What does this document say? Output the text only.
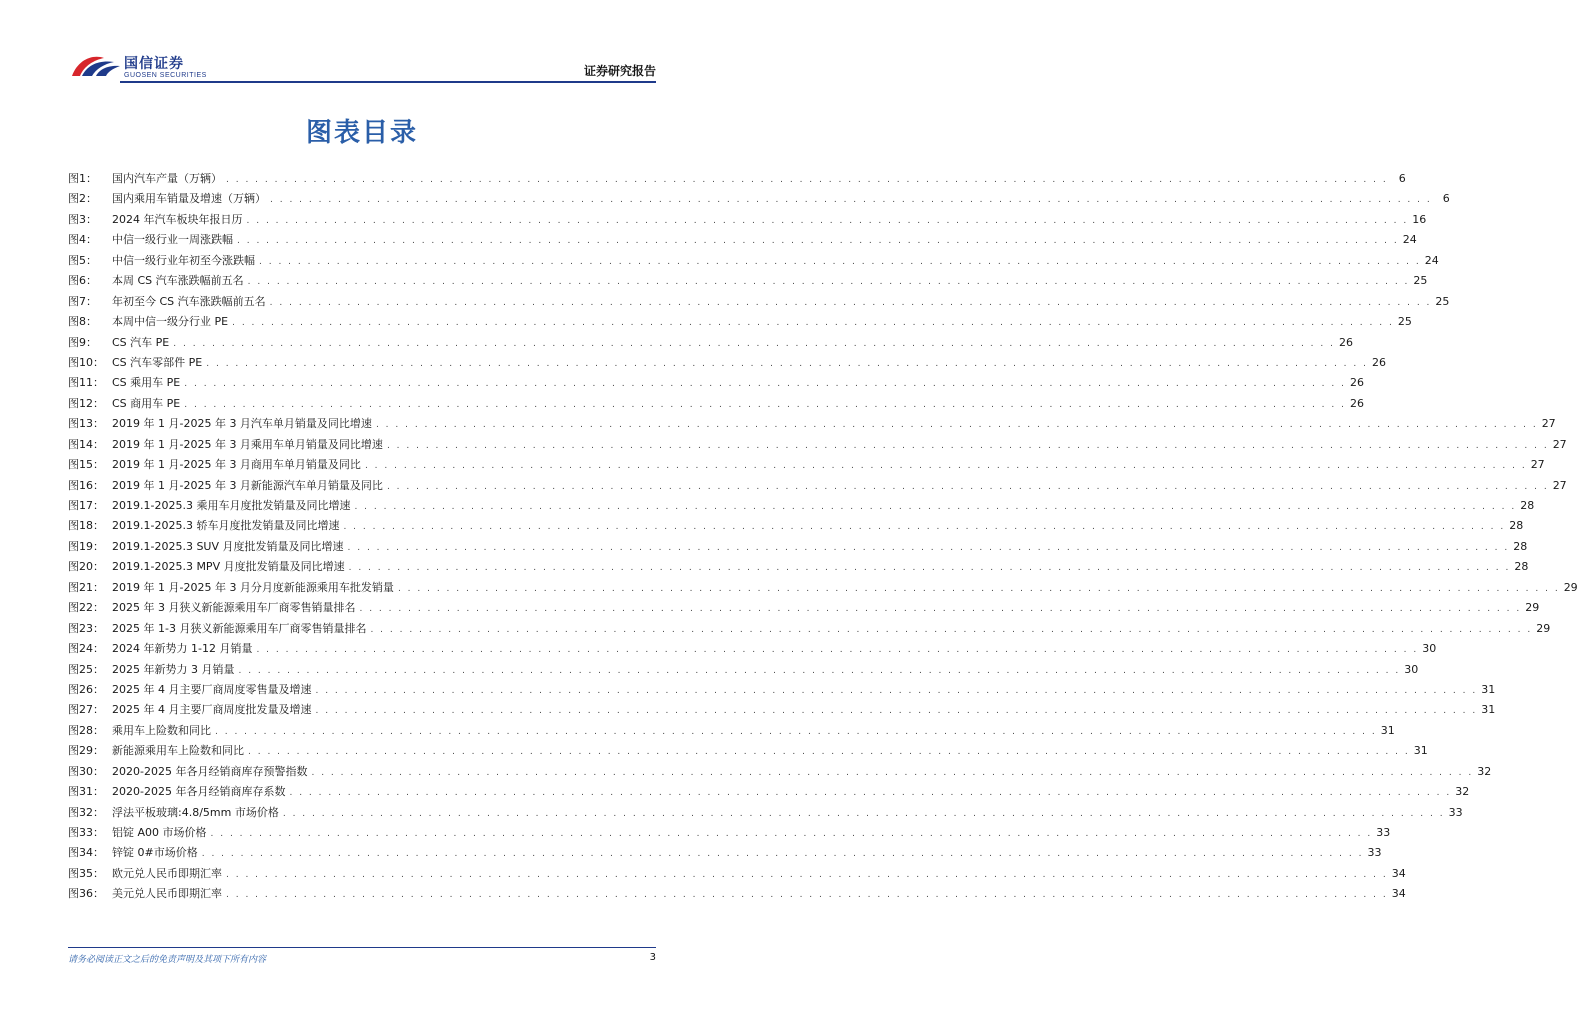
国信证券
GUOSEN SECURITIES	证券研究报告
图表目录
图1：	国内汽车产量（万辆） . . . . . . . . . . . . . . . . . . . . . . . . . . . . . . . . . . . . . . . . . . . . . . . . . . . . . . . . . . . . . . . . . . . . . . . . . . . . . . . . . . . . . . . . . . . . . . . . . . . . . . . . . . . . . . . . . . . . . . . .	6
图2：	国内乘用车销量及增速（万辆） . . . . . . . . . . . . . . . . . . . . . . . . . . . . . . . . . . . . . . . . . . . . . . . . . . . . . . . . . . . . . . . . . . . . . . . . . . . . . . . . . . . . . . . . . . . . . . . . . . . . . . . . . . . . . . . . . . . . . . . .	6
图3：	2024 年汽车板块年报日历 . . . . . . . . . . . . . . . . . . . . . . . . . . . . . . . . . . . . . . . . . . . . . . . . . . . . . . . . . . . . . . . . . . . . . . . . . . . . . . . . . . . . . . . . . . . . . . . . . . . . . . . . . . . . . . . . . . . . . . . . 16
图4：	中信一级行业一周涨跌幅 . . . . . . . . . . . . . . . . . . . . . . . . . . . . . . . . . . . . . . . . . . . . . . . . . . . . . . . . . . . . . . . . . . . . . . . . . . . . . . . . . . . . . . . . . . . . . . . . . . . . . . . . . . . . . . . . . . . . . . . . 24
图5：	中信一级行业年初至今涨跌幅 . . . . . . . . . . . . . . . . . . . . . . . . . . . . . . . . . . . . . . . . . . . . . . . . . . . . . . . . . . . . . . . . . . . . . . . . . . . . . . . . . . . . . . . . . . . . . . . . . . . . . . . . . . . . . . . . . . . . . . . . 24
图6：	本周 CS 汽车涨跌幅前五名 . . . . . . . . . . . . . . . . . . . . . . . . . . . . . . . . . . . . . . . . . . . . . . . . . . . . . . . . . . . . . . . . . . . . . . . . . . . . . . . . . . . . . . . . . . . . . . . . . . . . . . . . . . . . . . . . . . . . . . . . 25
图7：	年初至今 CS 汽车涨跌幅前五名 . . . . . . . . . . . . . . . . . . . . . . . . . . . . . . . . . . . . . . . . . . . . . . . . . . . . . . . . . . . . . . . . . . . . . . . . . . . . . . . . . . . . . . . . . . . . . . . . . . . . . . . . . . . . . . . . . . . . . . . . 25
图8：	本周中信一级分行业 PE . . . . . . . . . . . . . . . . . . . . . . . . . . . . . . . . . . . . . . . . . . . . . . . . . . . . . . . . . . . . . . . . . . . . . . . . . . . . . . . . . . . . . . . . . . . . . . . . . . . . . . . . . . . . . . . . . . . . . . . . 25
图9：	CS 汽车 PE . . . . . . . . . . . . . . . . . . . . . . . . . . . . . . . . . . . . . . . . . . . . . . . . . . . . . . . . . . . . . . . . . . . . . . . . . . . . . . . . . . . . . . . . . . . . . . . . . . . . . . . . . . . . . . . . . . . . . . . . 26
图10： CS 汽车零部件 PE . . . . . . . . . . . . . . . . . . . . . . . . . . . . . . . . . . . . . . . . . . . . . . . . . . . . . . . . . . . . . . . . . . . . . . . . . . . . . . . . . . . . . . . . . . . . . . . . . . . . . . . . . . . . . . . . . . . . . . . . 26
图11： CS 乘用车 PE . . . . . . . . . . . . . . . . . . . . . . . . . . . . . . . . . . . . . . . . . . . . . . . . . . . . . . . . . . . . . . . . . . . . . . . . . . . . . . . . . . . . . . . . . . . . . . . . . . . . . . . . . . . . . . . . . . . . . . . . 26
图12： CS 商用车 PE . . . . . . . . . . . . . . . . . . . . . . . . . . . . . . . . . . . . . . . . . . . . . . . . . . . . . . . . . . . . . . . . . . . . . . . . . . . . . . . . . . . . . . . . . . . . . . . . . . . . . . . . . . . . . . . . . . . . . . . . 26
图13： 2019 年 1 月-2025 年 3 月汽车单月销量及同比增速 . . . . . . . . . . . . . . . . . . . . . . . . . . . . . . . . . . . . . . . . . . . . . . . . . . . . . . . . . . . . . . . . . . . . . . . . . . . . . . . . . . . . . . . . . . . . . . . . . . . . . . . . . . . . . . . . . . . . . . . . 27
图14： 2019 年 1 月-2025 年 3 月乘用车单月销量及同比增速 . . . . . . . . . . . . . . . . . . . . . . . . . . . . . . . . . . . . . . . . . . . . . . . . . . . . . . . . . . . . . . . . . . . . . . . . . . . . . . . . . . . . . . . . . . . . . . . . . . . . . . . . . . . . . . . . . . . . . . . . 27
图15： 2019 年 1 月-2025 年 3 月商用车单月销量及同比 . . . . . . . . . . . . . . . . . . . . . . . . . . . . . . . . . . . . . . . . . . . . . . . . . . . . . . . . . . . . . . . . . . . . . . . . . . . . . . . . . . . . . . . . . . . . . . . . . . . . . . . . . . . . . . . . . . . . . . . . 27
图16： 2019 年 1 月-2025 年 3 月新能源汽车单月销量及同比 . . . . . . . . . . . . . . . . . . . . . . . . . . . . . . . . . . . . . . . . . . . . . . . . . . . . . . . . . . . . . . . . . . . . . . . . . . . . . . . . . . . . . . . . . . . . . . . . . . . . . . . . . . . . . . . . . . . . . . . . 27
图17： 2019.1-2025.3 乘用车月度批发销量及同比增速 . . . . . . . . . . . . . . . . . . . . . . . . . . . . . . . . . . . . . . . . . . . . . . . . . . . . . . . . . . . . . . . . . . . . . . . . . . . . . . . . . . . . . . . . . . . . . . . . . . . . . . . . . . . . . . . . . . . . . . . . 28
图18： 2019.1-2025.3 轿车月度批发销量及同比增速 . . . . . . . . . . . . . . . . . . . . . . . . . . . . . . . . . . . . . . . . . . . . . . . . . . . . . . . . . . . . . . . . . . . . . . . . . . . . . . . . . . . . . . . . . . . . . . . . . . . . . . . . . . . . . . . . . . . . . . . . 28
图19： 2019.1-2025.3 SUV 月度批发销量及同比增速 . . . . . . . . . . . . . . . . . . . . . . . . . . . . . . . . . . . . . . . . . . . . . . . . . . . . . . . . . . . . . . . . . . . . . . . . . . . . . . . . . . . . . . . . . . . . . . . . . . . . . . . . . . . . . . . . . . . . . . . . 28
图20： 2019.1-2025.3 MPV 月度批发销量及同比增速 . . . . . . . . . . . . . . . . . . . . . . . . . . . . . . . . . . . . . . . . . . . . . . . . . . . . . . . . . . . . . . . . . . . . . . . . . . . . . . . . . . . . . . . . . . . . . . . . . . . . . . . . . . . . . . . . . . . . . . . . 28
图21： 2019 年 1 月-2025 年 3 月分月度新能源乘用车批发销量 . . . . . . . . . . . . . . . . . . . . . . . . . . . . . . . . . . . . . . . . . . . . . . . . . . . . . . . . . . . . . . . . . . . . . . . . . . . . . . . . . . . . . . . . . . . . . . . . . . . . . . . . . . . . . . . . . . . . . . . . 29
图22： 2025 年 3 月狭义新能源乘用车厂商零售销量排名 . . . . . . . . . . . . . . . . . . . . . . . . . . . . . . . . . . . . . . . . . . . . . . . . . . . . . . . . . . . . . . . . . . . . . . . . . . . . . . . . . . . . . . . . . . . . . . . . . . . . . . . . . . . . . . . . . . . . . . . . 29
图23： 2025 年 1-3 月狭义新能源乘用车厂商零售销量排名 . . . . . . . . . . . . . . . . . . . . . . . . . . . . . . . . . . . . . . . . . . . . . . . . . . . . . . . . . . . . . . . . . . . . . . . . . . . . . . . . . . . . . . . . . . . . . . . . . . . . . . . . . . . . . . . . . . . . . . . . 29
图24： 2024 年新势力 1-12 月销量 . . . . . . . . . . . . . . . . . . . . . . . . . . . . . . . . . . . . . . . . . . . . . . . . . . . . . . . . . . . . . . . . . . . . . . . . . . . . . . . . . . . . . . . . . . . . . . . . . . . . . . . . . . . . . . . . . . . . . . . . 30
图25： 2025 年新势力 3 月销量 . . . . . . . . . . . . . . . . . . . . . . . . . . . . . . . . . . . . . . . . . . . . . . . . . . . . . . . . . . . . . . . . . . . . . . . . . . . . . . . . . . . . . . . . . . . . . . . . . . . . . . . . . . . . . . . . . . . . . . . . 30
图26： 2025 年 4 月主要厂商周度零售量及增速 . . . . . . . . . . . . . . . . . . . . . . . . . . . . . . . . . . . . . . . . . . . . . . . . . . . . . . . . . . . . . . . . . . . . . . . . . . . . . . . . . . . . . . . . . . . . . . . . . . . . . . . . . . . . . . . . . . . . . . . . 31
图27： 2025 年 4 月主要厂商周度批发量及增速 . . . . . . . . . . . . . . . . . . . . . . . . . . . . . . . . . . . . . . . . . . . . . . . . . . . . . . . . . . . . . . . . . . . . . . . . . . . . . . . . . . . . . . . . . . . . . . . . . . . . . . . . . . . . . . . . . . . . . . . . 31
图28： 乘用车上险数和同比 . . . . . . . . . . . . . . . . . . . . . . . . . . . . . . . . . . . . . . . . . . . . . . . . . . . . . . . . . . . . . . . . . . . . . . . . . . . . . . . . . . . . . . . . . . . . . . . . . . . . . . . . . . . . . . . . . . . . . . . . 31
图29： 新能源乘用车上险数和同比 . . . . . . . . . . . . . . . . . . . . . . . . . . . . . . . . . . . . . . . . . . . . . . . . . . . . . . . . . . . . . . . . . . . . . . . . . . . . . . . . . . . . . . . . . . . . . . . . . . . . . . . . . . . . . . . . . . . . . . . . 31
图30： 2020-2025 年各月经销商库存预警指数 . . . . . . . . . . . . . . . . . . . . . . . . . . . . . . . . . . . . . . . . . . . . . . . . . . . . . . . . . . . . . . . . . . . . . . . . . . . . . . . . . . . . . . . . . . . . . . . . . . . . . . . . . . . . . . . . . . . . . . . . 32
图31： 2020-2025 年各月经销商库存系数 . . . . . . . . . . . . . . . . . . . . . . . . . . . . . . . . . . . . . . . . . . . . . . . . . . . . . . . . . . . . . . . . . . . . . . . . . . . . . . . . . . . . . . . . . . . . . . . . . . . . . . . . . . . . . . . . . . . . . . . . 32
图32： 浮法平板玻璃:4.8/5mm 市场价格 . . . . . . . . . . . . . . . . . . . . . . . . . . . . . . . . . . . . . . . . . . . . . . . . . . . . . . . . . . . . . . . . . . . . . . . . . . . . . . . . . . . . . . . . . . . . . . . . . . . . . . . . . . . . . . . . . . . . . . . . 33
图33： 铝锭 A00 市场价格 . . . . . . . . . . . . . . . . . . . . . . . . . . . . . . . . . . . . . . . . . . . . . . . . . . . . . . . . . . . . . . . . . . . . . . . . . . . . . . . . . . . . . . . . . . . . . . . . . . . . . . . . . . . . . . . . . . . . . . . . 33
图34： 锌锭 0#市场价格 . . . . . . . . . . . . . . . . . . . . . . . . . . . . . . . . . . . . . . . . . . . . . . . . . . . . . . . . . . . . . . . . . . . . . . . . . . . . . . . . . . . . . . . . . . . . . . . . . . . . . . . . . . . . . . . . . . . . . . . . 33
图35： 欧元兑人民币即期汇率 . . . . . . . . . . . . . . . . . . . . . . . . . . . . . . . . . . . . . . . . . . . . . . . . . . . . . . . . . . . . . . . . . . . . . . . . . . . . . . . . . . . . . . . . . . . . . . . . . . . . . . . . . . . . . . . . . . . . . . . . 34
图36： 美元兑人民币即期汇率 . . . . . . . . . . . . . . . . . . . . . . . . . . . . . . . . . . . . . . . . . . . . . . . . . . . . . . . . . . . . . . . . . . . . . . . . . . . . . . . . . . . . . . . . . . . . . . . . . . . . . . . . . . . . . . . . . . . . . . . . 34
请务必阅读正文之后的免责声明及其项下所有内容	3
